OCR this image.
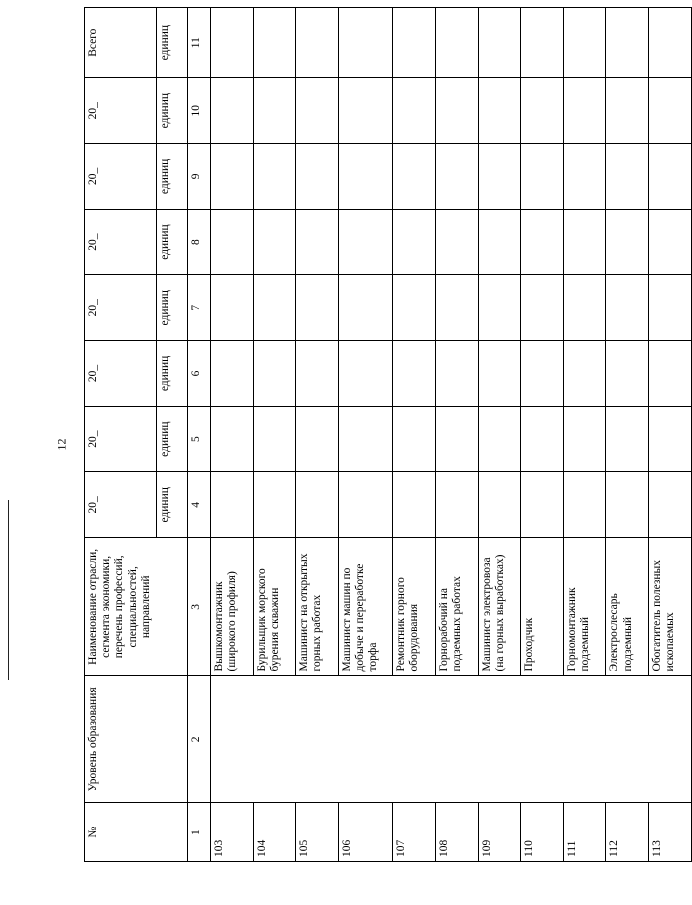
12
№	Уровень образования	Наименование отрасли, сегмента экономики, перечень профессий, специальностей, направлений	20_	20_	20_	20_	20_	20_	20_	Всего
			единиц	единиц	единиц	единиц	единиц	единиц	единиц	единиц
1	2	3	4	5	6	7	8	9	10	11
103		Вышкомонтажник (широкого профиля)								
104		Бурильщик морского бурения скважин								
105		Машинист на открытых горных работах								
106		Машинист машин по добыче и переработке торфа								
107		Ремонтник горного оборудования								
108		Горнорабочий на подземных работах								
109		Машинист электровоза (на горных выработках)								
110		Проходчик								
111		Горномонтажник подземный								
112		Электрослесарь подземный								
113		Обогатитель полезных ископаемых								
